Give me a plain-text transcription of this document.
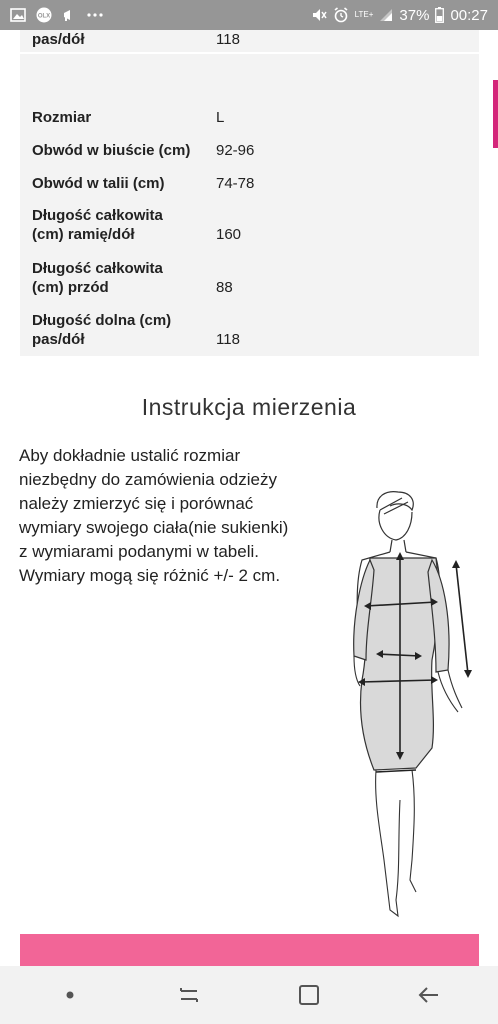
OLX	LTE+ 37% 00:27
pas/dół	118
Rozmiar	L
Obwód w biuście (cm) 92-96
Obwód w talii (cm)	74-78
Długość całkowita
(cm) ramię/dół	160
Długość całkowita
(cm) przód	88
Długość dolna (cm)
pas/dół	118
Instrukcja mierzenia
Aby dokładnie ustalić rozmiar
niezbędny do zamówienia odzieży
należy zmierzyć się i porównać
wymiary swojego ciała(nie sukienki)
z wymiarami podanymi w tabeli.
Wymiary mogą się różnić +/- 2 cm.
